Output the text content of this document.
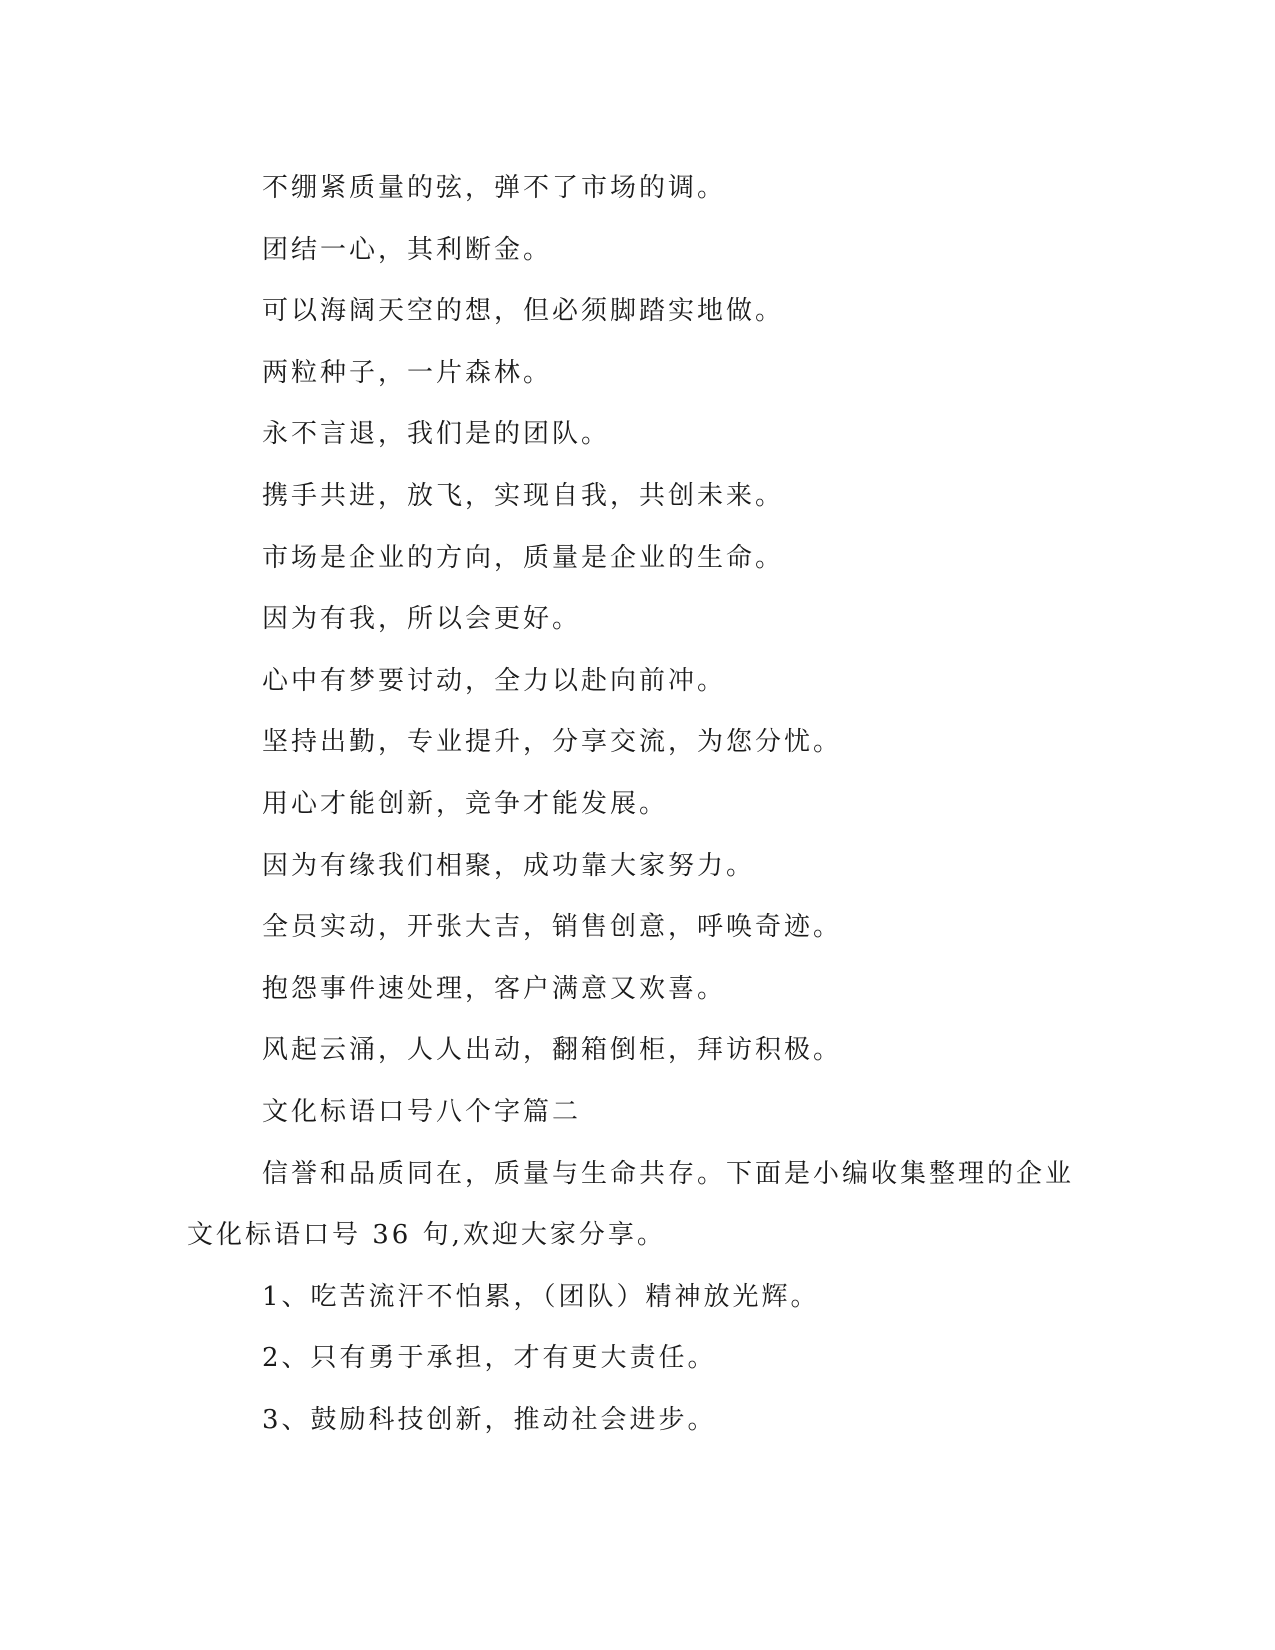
不绷紧质量的弦，弹不了市场的调。
团结一心，其利断金。
可以海阔天空的想，但必须脚踏实地做。
两粒种子，一片森林。
永不言退，我们是的团队。
携手共进，放飞，实现自我，共创未来。
市场是企业的方向，质量是企业的生命。
因为有我，所以会更好。
心中有梦要讨动，全力以赴向前冲。
坚持出勤，专业提升，分享交流，为您分忧。
用心才能创新，竞争才能发展。
因为有缘我们相聚，成功靠大家努力。
全员实动，开张大吉，销售创意，呼唤奇迹。
抱怨事件速处理，客户满意又欢喜。
风起云涌，人人出动，翻箱倒柜，拜访积极。
文化标语口号八个字篇二
信誉和品质同在，质量与生命共存。下面是小编收集整理的企业
文化标语口号 36 句,欢迎大家分享。
1、吃苦流汗不怕累，（团队）精神放光辉。
2、只有勇于承担，才有更大责任。
3、鼓励科技创新，推动社会进步。
